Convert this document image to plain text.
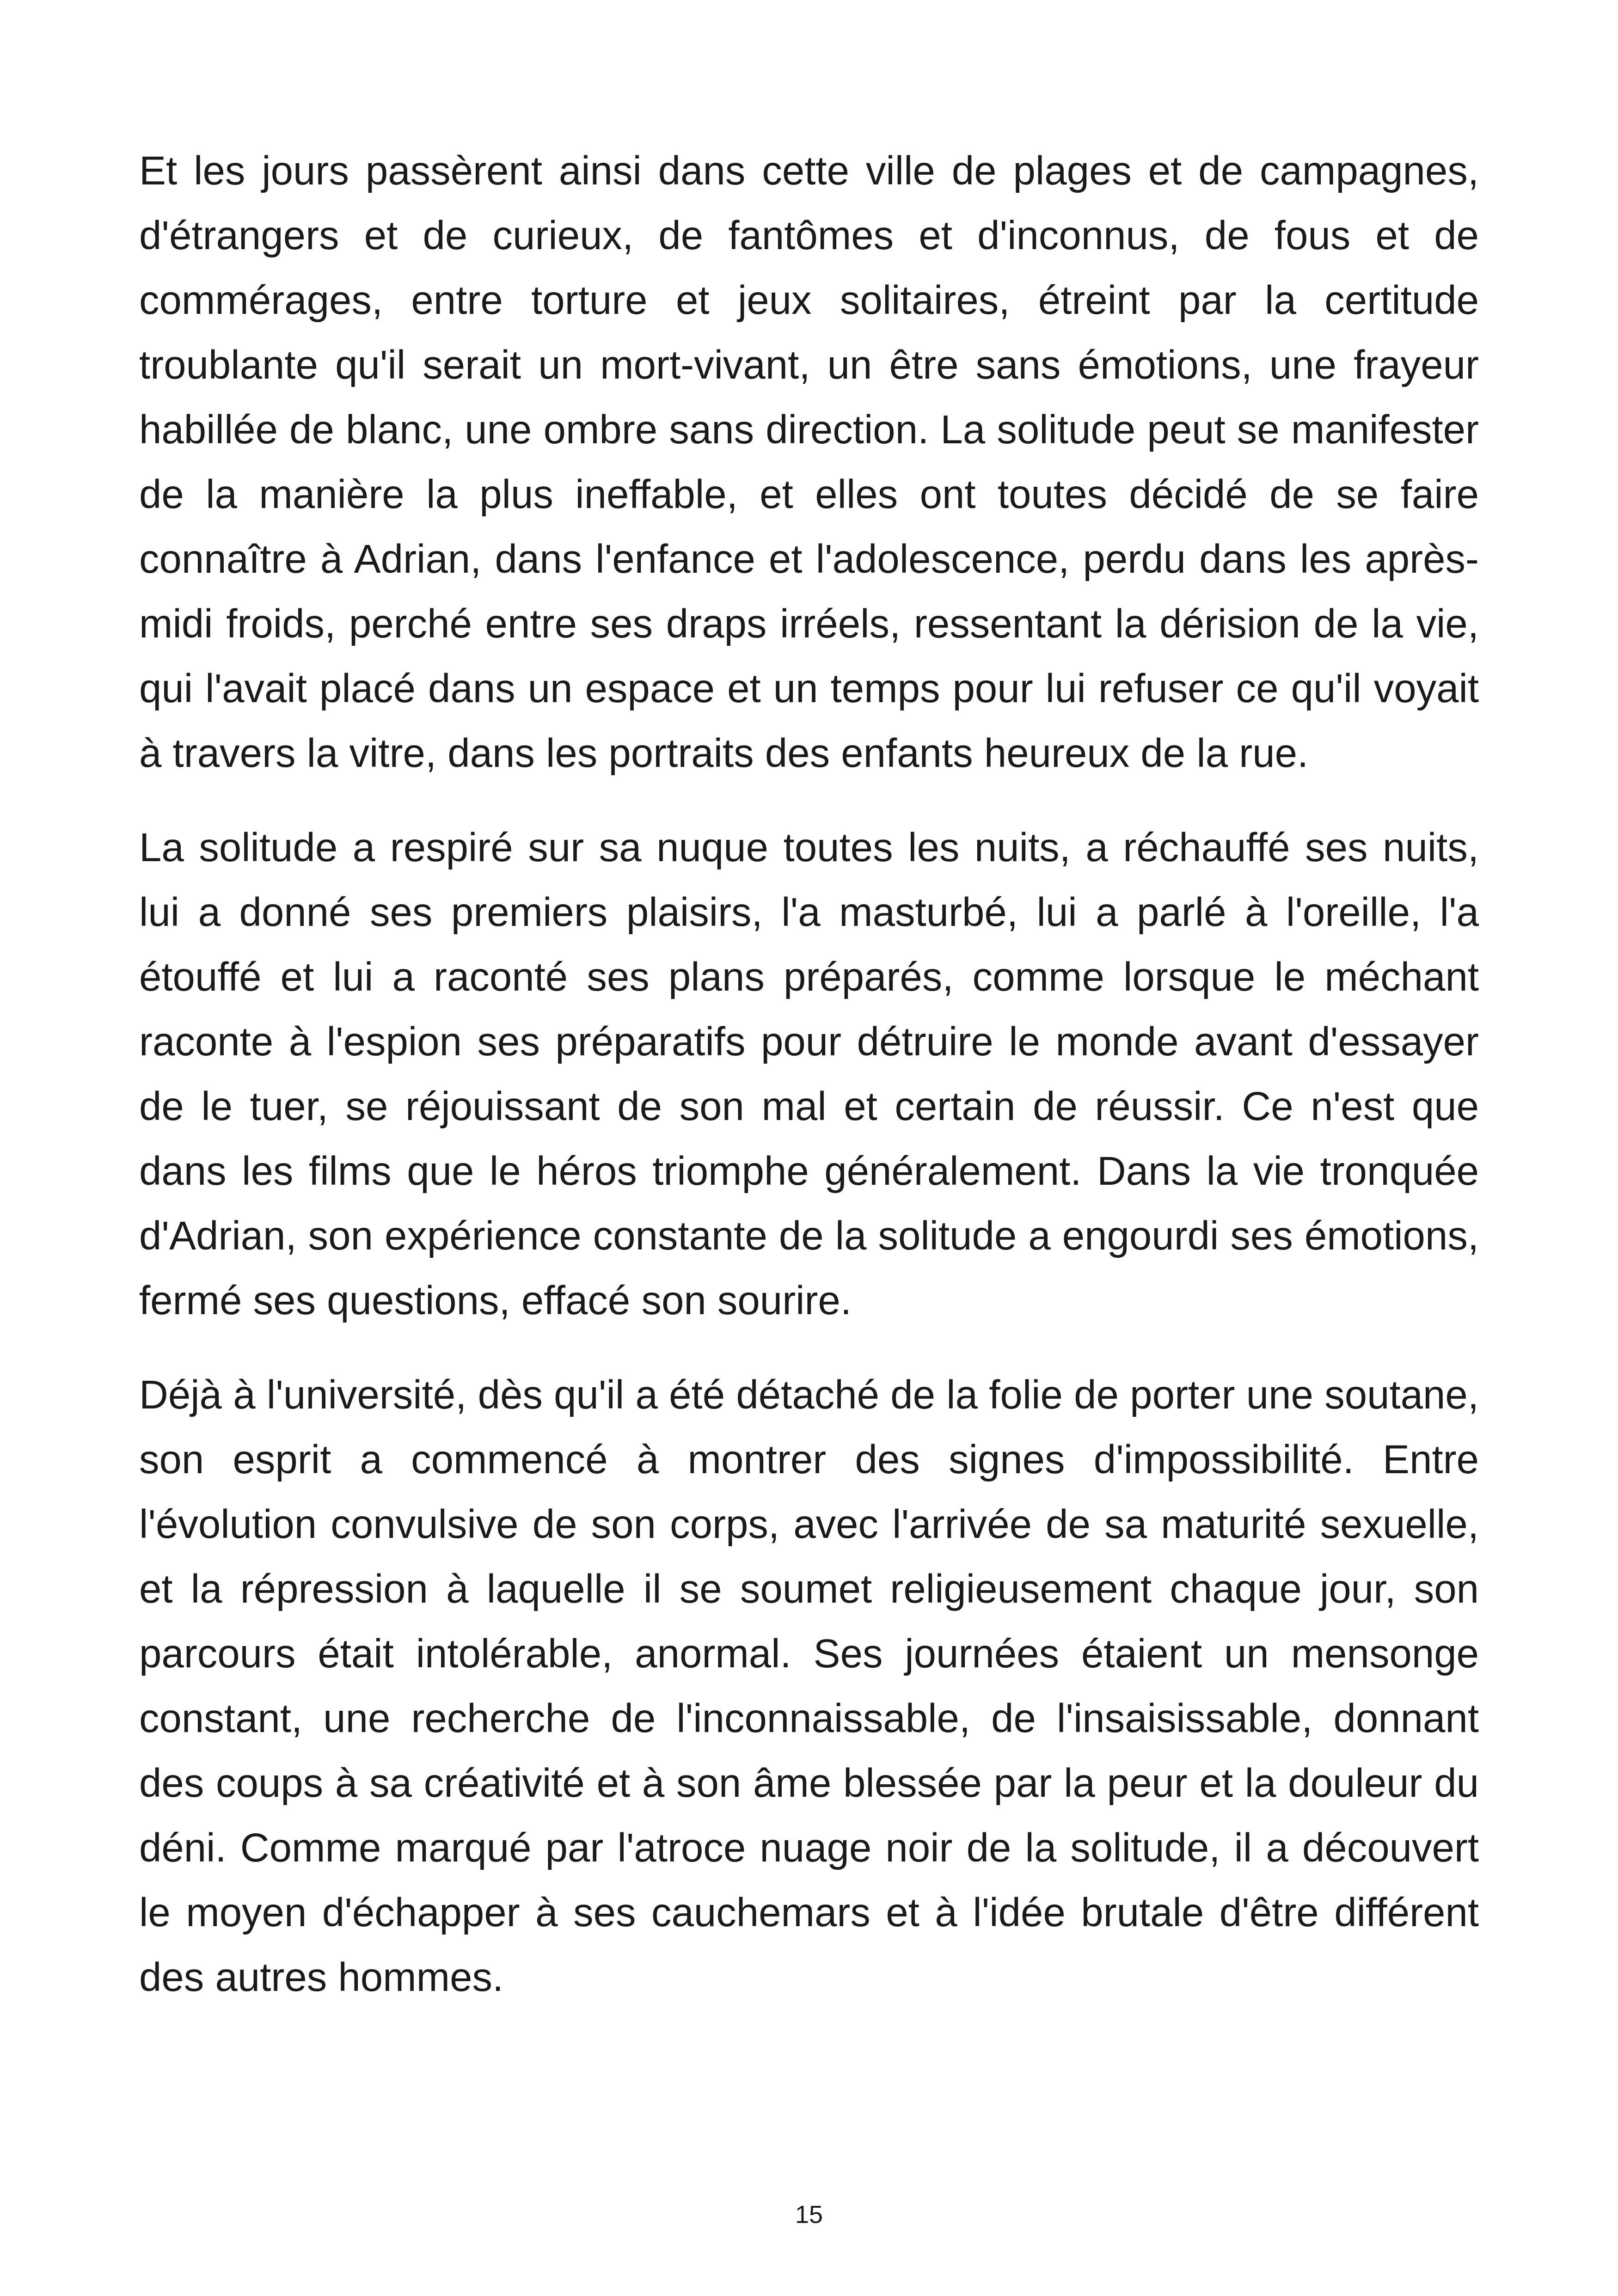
Et les jours passèrent ainsi dans cette ville de plages et de campagnes, d'étrangers et de curieux, de fantômes et d'inconnus, de fous et de commérages, entre torture et jeux solitaires, étreint par la certitude troublante qu'il serait un mort-vivant, un être sans émotions, une frayeur habillée de blanc, une ombre sans direction. La solitude peut se manifester de la manière la plus ineffable, et elles ont toutes décidé de se faire connaître à Adrian, dans l'enfance et l'adolescence, perdu dans les après-midi froids, perché entre ses draps irréels, ressentant la dérision de la vie, qui l'avait placé dans un espace et un temps pour lui refuser ce qu'il voyait à travers la vitre, dans les portraits des enfants heureux de la rue.

La solitude a respiré sur sa nuque toutes les nuits, a réchauffé ses nuits, lui a donné ses premiers plaisirs, l'a masturbé, lui a parlé à l'oreille, l'a étouffé et lui a raconté ses plans préparés, comme lorsque le méchant raconte à l'espion ses préparatifs pour détruire le monde avant d'essayer de le tuer, se réjouissant de son mal et certain de réussir. Ce n'est que dans les films que le héros triomphe généralement. Dans la vie tronquée d'Adrian, son expérience constante de la solitude a engourdi ses émotions, fermé ses questions, effacé son sourire.

Déjà à l'université, dès qu'il a été détaché de la folie de porter une soutane, son esprit a commencé à montrer des signes d'impossibilité. Entre l'évolution convulsive de son corps, avec l'arrivée de sa maturité sexuelle, et la répression à laquelle il se soumet religieusement chaque jour, son parcours était intolérable, anormal. Ses journées étaient un mensonge constant, une recherche de l'inconnaissable, de l'insaisissable, donnant des coups à sa créativité et à son âme blessée par la peur et la douleur du déni. Comme marqué par l'atroce nuage noir de la solitude, il a découvert le moyen d'échapper à ses cauchemars et à l'idée brutale d'être différent des autres hommes.

15
